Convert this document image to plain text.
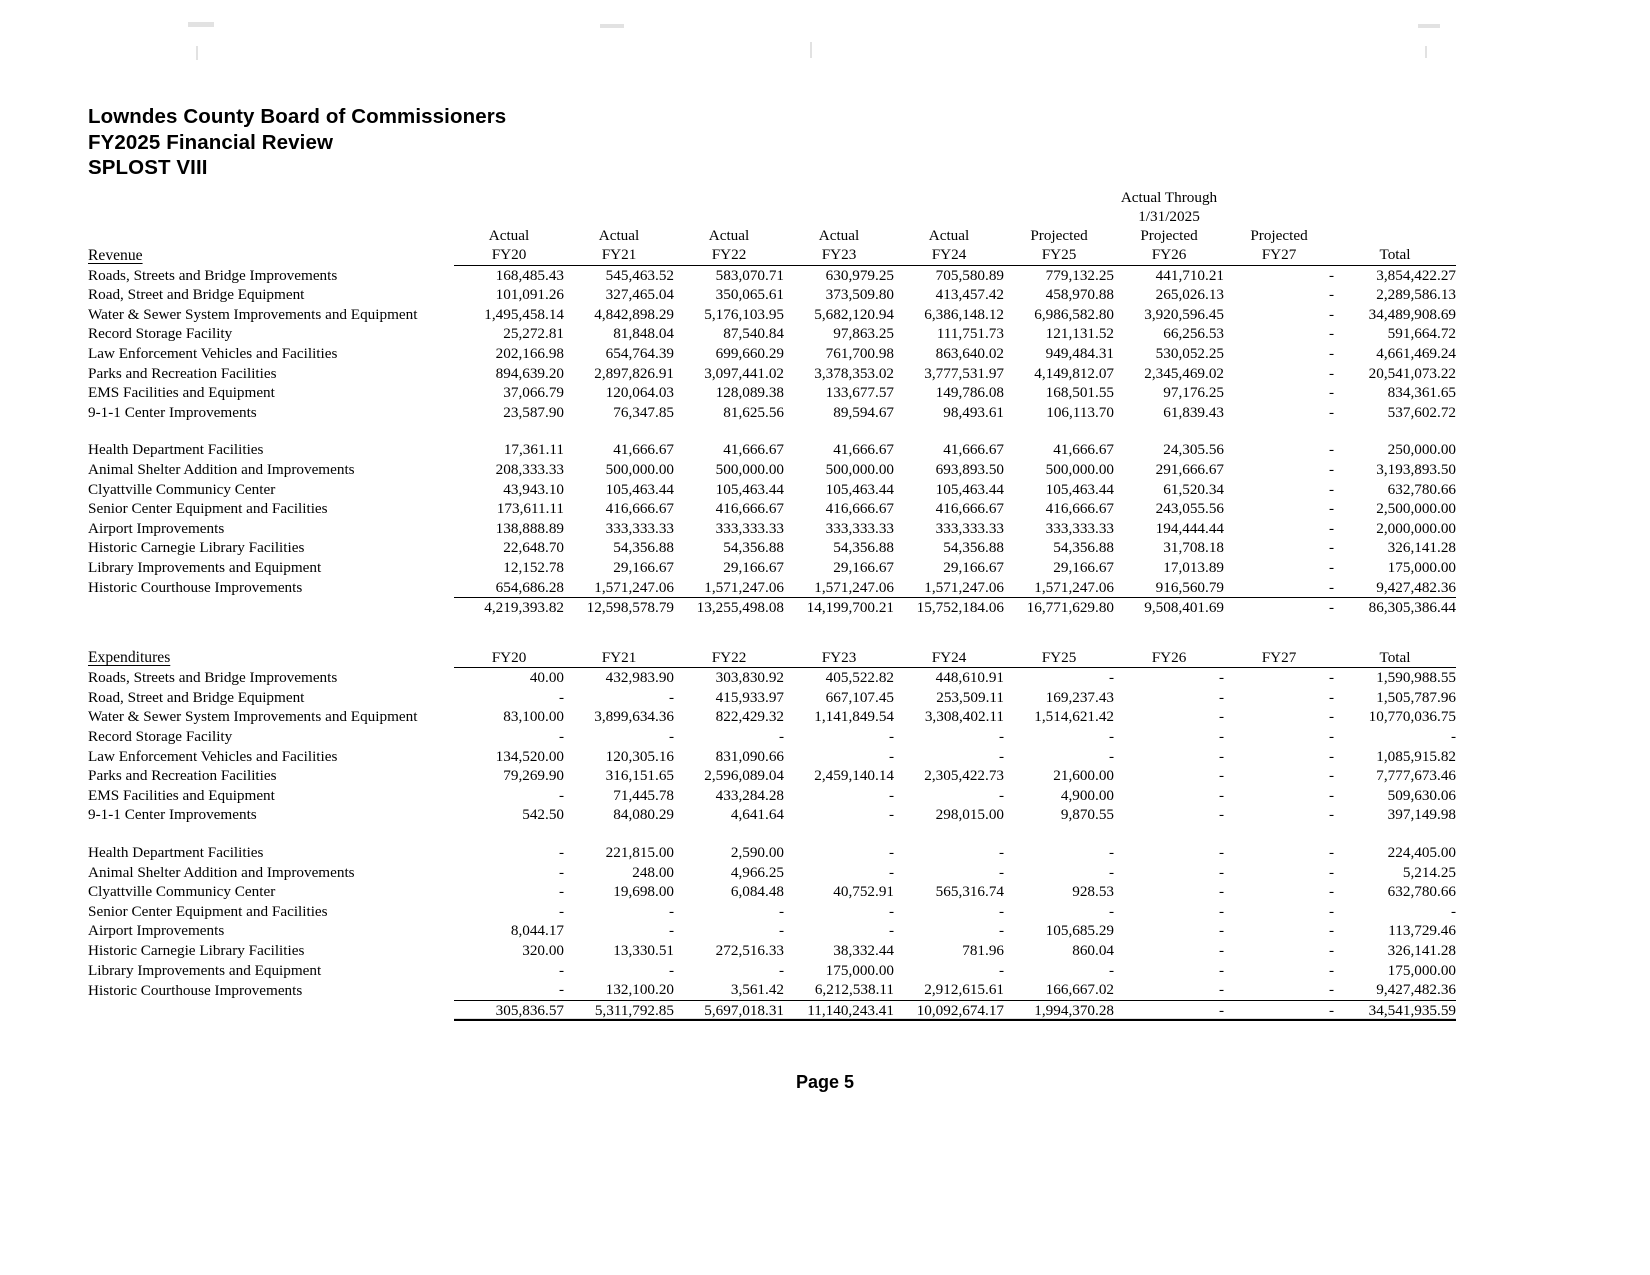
Lowndes County Board of Commissioners
FY2025 Financial Review
SPLOST VIII
							Actual Through		
							1/31/2025		
	Actual	Actual	Actual	Actual	Actual	Projected	Projected	Projected	
Revenue	FY20	FY21	FY22	FY23	FY24	FY25	FY26	FY27	Total
Roads, Streets and Bridge Improvements	168,485.43	545,463.52	583,070.71	630,979.25	705,580.89	779,132.25	441,710.21	-	3,854,422.27
Road, Street and Bridge Equipment	101,091.26	327,465.04	350,065.61	373,509.80	413,457.42	458,970.88	265,026.13	-	2,289,586.13
Water & Sewer System Improvements and Equipment	1,495,458.14	4,842,898.29	5,176,103.95	5,682,120.94	6,386,148.12	6,986,582.80	3,920,596.45	-	34,489,908.69
Record Storage Facility	25,272.81	81,848.04	87,540.84	97,863.25	111,751.73	121,131.52	66,256.53	-	591,664.72
Law Enforcement Vehicles and Facilities	202,166.98	654,764.39	699,660.29	761,700.98	863,640.02	949,484.31	530,052.25	-	4,661,469.24
Parks and Recreation Facilities	894,639.20	2,897,826.91	3,097,441.02	3,378,353.02	3,777,531.97	4,149,812.07	2,345,469.02	-	20,541,073.22
EMS Facilities and Equipment	37,066.79	120,064.03	128,089.38	133,677.57	149,786.08	168,501.55	97,176.25	-	834,361.65
9-1-1 Center Improvements	23,587.90	76,347.85	81,625.56	89,594.67	98,493.61	106,113.70	61,839.43	-	537,602.72

Health Department Facilities	17,361.11	41,666.67	41,666.67	41,666.67	41,666.67	41,666.67	24,305.56	-	250,000.00
Animal Shelter Addition and Improvements	208,333.33	500,000.00	500,000.00	500,000.00	693,893.50	500,000.00	291,666.67	-	3,193,893.50
Clyattville Communicy Center	43,943.10	105,463.44	105,463.44	105,463.44	105,463.44	105,463.44	61,520.34	-	632,780.66
Senior Center Equipment and Facilities	173,611.11	416,666.67	416,666.67	416,666.67	416,666.67	416,666.67	243,055.56	-	2,500,000.00
Airport Improvements	138,888.89	333,333.33	333,333.33	333,333.33	333,333.33	333,333.33	194,444.44	-	2,000,000.00
Historic Carnegie Library Facilities	22,648.70	54,356.88	54,356.88	54,356.88	54,356.88	54,356.88	31,708.18	-	326,141.28
Library Improvements and Equipment	12,152.78	29,166.67	29,166.67	29,166.67	29,166.67	29,166.67	17,013.89	-	175,000.00
Historic Courthouse Improvements	654,686.28	1,571,247.06	1,571,247.06	1,571,247.06	1,571,247.06	1,571,247.06	916,560.79	-	9,427,482.36
	4,219,393.82	12,598,578.79	13,255,498.08	14,199,700.21	15,752,184.06	16,771,629.80	9,508,401.69	-	86,305,386.44

Expenditures	FY20	FY21	FY22	FY23	FY24	FY25	FY26	FY27	Total
Roads, Streets and Bridge Improvements	40.00	432,983.90	303,830.92	405,522.82	448,610.91	-	-	-	1,590,988.55
Road, Street and Bridge Equipment	-	-	415,933.97	667,107.45	253,509.11	169,237.43	-	-	1,505,787.96
Water & Sewer System Improvements and Equipment	83,100.00	3,899,634.36	822,429.32	1,141,849.54	3,308,402.11	1,514,621.42	-	-	10,770,036.75
Record Storage Facility	-	-	-	-	-	-	-	-	-
Law Enforcement Vehicles and Facilities	134,520.00	120,305.16	831,090.66	-	-	-	-	-	1,085,915.82
Parks and Recreation Facilities	79,269.90	316,151.65	2,596,089.04	2,459,140.14	2,305,422.73	21,600.00	-	-	7,777,673.46
EMS Facilities and Equipment	-	71,445.78	433,284.28	-	-	4,900.00	-	-	509,630.06
9-1-1 Center Improvements	542.50	84,080.29	4,641.64	-	298,015.00	9,870.55	-	-	397,149.98

Health Department Facilities	-	221,815.00	2,590.00	-	-	-	-	-	224,405.00
Animal Shelter Addition and Improvements	-	248.00	4,966.25	-	-	-	-	-	5,214.25
Clyattville Communicy Center	-	19,698.00	6,084.48	40,752.91	565,316.74	928.53	-	-	632,780.66
Senior Center Equipment and Facilities	-	-	-	-	-	-	-	-	-
Airport Improvements	8,044.17	-	-	-	-	105,685.29	-	-	113,729.46
Historic Carnegie Library Facilities	320.00	13,330.51	272,516.33	38,332.44	781.96	860.04	-	-	326,141.28
Library Improvements and Equipment	-	-	-	175,000.00	-	-	-	-	175,000.00
Historic Courthouse Improvements	-	132,100.20	3,561.42	6,212,538.11	2,912,615.61	166,667.02	-	-	9,427,482.36
	305,836.57	5,311,792.85	5,697,018.31	11,140,243.41	10,092,674.17	1,994,370.28	-	-	34,541,935.59
Page 5
